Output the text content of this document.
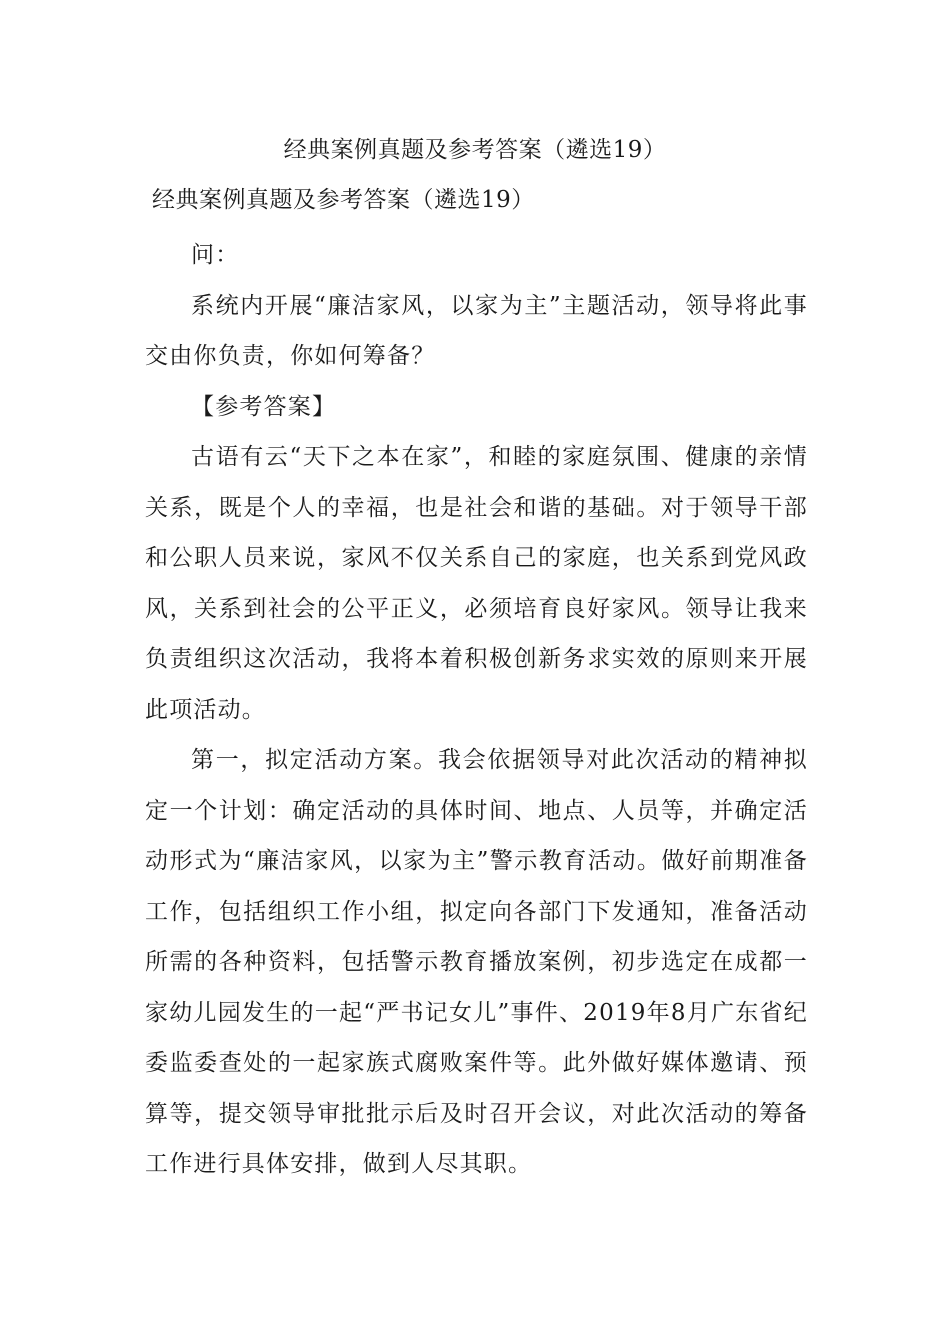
经典案例真题及参考答案（遴选19）
经典案例真题及参考答案（遴选19）

问：

系统内开展“廉洁家风，以家为主”主题活动，领导将此事交由你负责，你如何筹备？

【参考答案】

古语有云“天下之本在家”，和睦的家庭氛围、健康的亲情关系，既是个人的幸福，也是社会和谐的基础。对于领导干部和公职人员来说，家风不仅关系自己的家庭，也关系到党风政风，关系到社会的公平正义，必须培育良好家风。领导让我来负责组织这次活动，我将本着积极创新务求实效的原则来开展此项活动。

第一，拟定活动方案。我会依据领导对此次活动的精神拟定一个计划：确定活动的具体时间、地点、人员等，并确定活动形式为“廉洁家风，以家为主”警示教育活动。做好前期准备工作，包括组织工作小组，拟定向各部门下发通知，准备活动所需的各种资料，包括警示教育播放案例，初步选定在成都一家幼儿园发生的一起“严书记女儿”事件、2019年8月广东省纪委监委查处的一起家族式腐败案件等。此外做好媒体邀请、预算等，提交领导审批批示后及时召开会议，对此次活动的筹备工作进行具体安排，做到人尽其职。
